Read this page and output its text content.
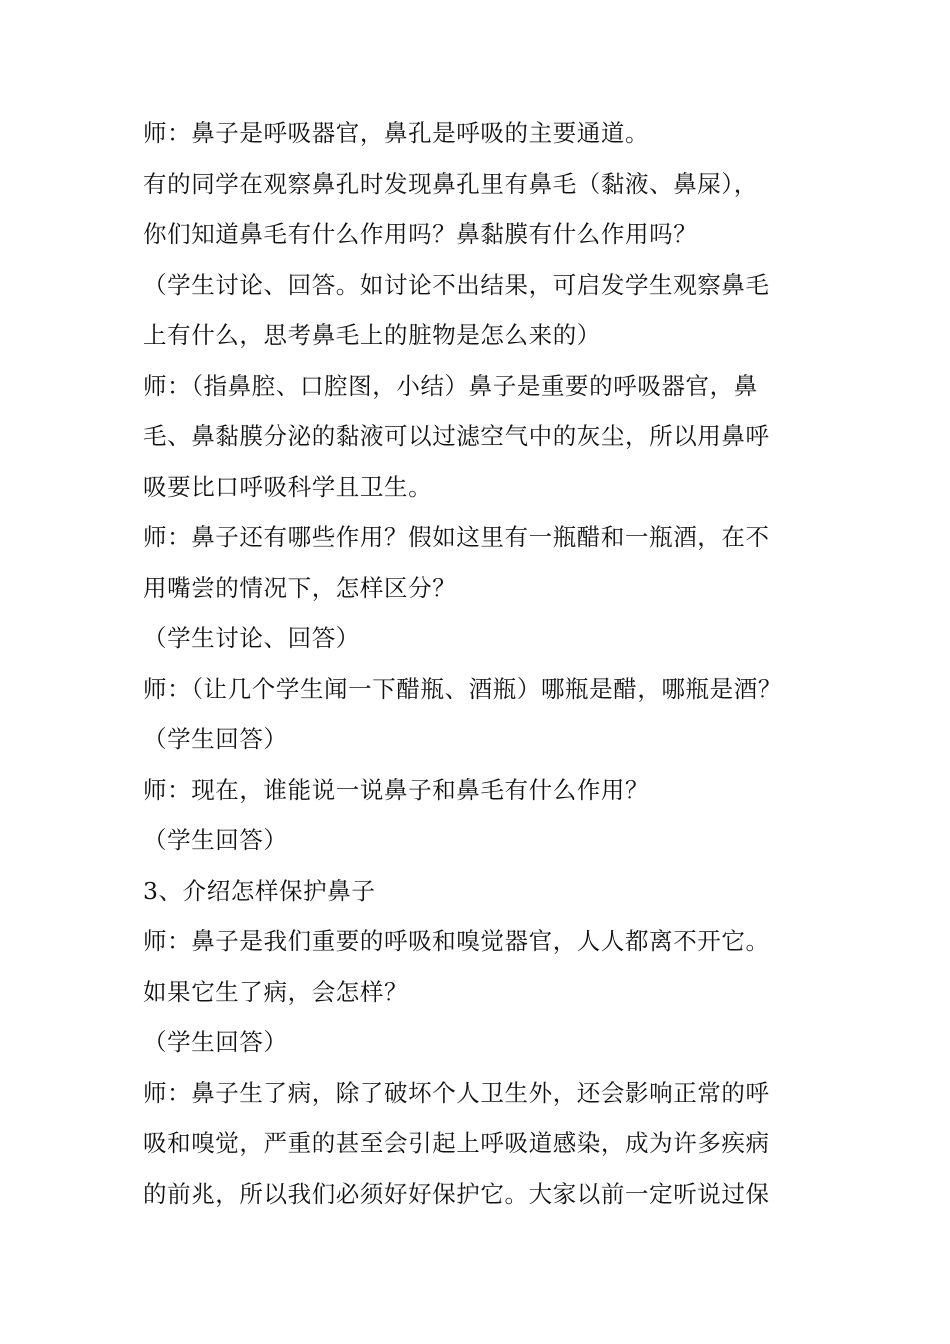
师：鼻子是呼吸器官，鼻孔是呼吸的主要通道。
有的同学在观察鼻孔时发现鼻孔里有鼻毛（黏液、鼻屎），
你们知道鼻毛有什么作用吗？鼻黏膜有什么作用吗？
（学生讨论、回答。如讨论不出结果，可启发学生观察鼻毛
上有什么，思考鼻毛上的脏物是怎么来的）
师：（指鼻腔、口腔图，小结）鼻子是重要的呼吸器官，鼻
毛、鼻黏膜分泌的黏液可以过滤空气中的灰尘，所以用鼻呼
吸要比口呼吸科学且卫生。
师：鼻子还有哪些作用？假如这里有一瓶醋和一瓶酒，在不
用嘴尝的情况下，怎样区分？
（学生讨论、回答）
师：（让几个学生闻一下醋瓶、酒瓶）哪瓶是醋，哪瓶是酒？
（学生回答）
师：现在，谁能说一说鼻子和鼻毛有什么作用？
（学生回答）
3、介绍怎样保护鼻子
师：鼻子是我们重要的呼吸和嗅觉器官，人人都离不开它。
如果它生了病，会怎样？
（学生回答）
师：鼻子生了病，除了破坏个人卫生外，还会影响正常的呼
吸和嗅觉，严重的甚至会引起上呼吸道感染，成为许多疾病
的前兆，所以我们必须好好保护它。大家以前一定听说过保
